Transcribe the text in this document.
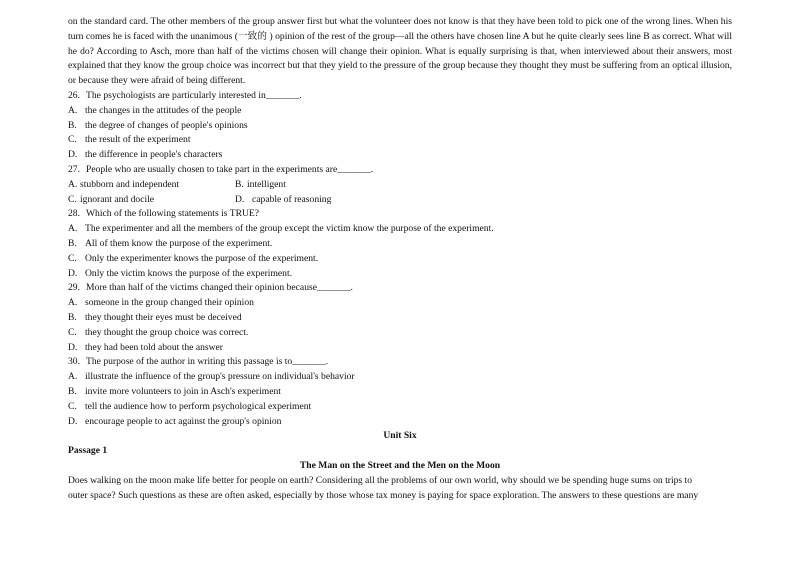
on the standard card. The other members of the group answer first but what the volunteer does not know is that they have been told to pick one of the wrong lines. When his turn comes he is faced with the unanimous (一致的 ) opinion of the rest of the group—all the others have chosen line A but he quite clearly sees line B as correct. What will he do? According to Asch, more than half of the victims chosen will change their opinion. What is equally surprising is that, when interviewed about their answers, most explained that they know the group choice was incorrect but that they yield to the pressure of the group because they thought they must be suffering from an optical illusion, or because they were afraid of being different.

26. The psychologists are particularly interested in_______.

A. the changes in the attitudes of the people

B. the degree of changes of people's opinions

C. the result of the experiment

D. the difference in people's characters

27. People who are usually chosen to take part in the experiments are_______.

A. stubborn and independent	B. intelligent
C. ignorant and docile	D. capable of reasoning

28. Which of the following statements is TRUE?

A. The experimenter and all the members of the group except the victim know the purpose of the experiment.

B. All of them know the purpose of the experiment.

C. Only the experimenter knows the purpose of the experiment.

D. Only the victim knows the purpose of the experiment.

29. More than half of the victims changed their opinion because_______.

A. someone in the group changed their opinion

B. they thought their eyes must be deceived

C. they thought the group choice was correct.

D. they had been told about the answer

30. The purpose of the author in writing this passage is to_______.

A. illustrate the influence of the group's pressure on individual's behavior

B. invite more volunteers to join in Asch's experiment

C. tell the audience how to perform psychological experiment

D. encourage people to act against the group's opinion

Unit Six

Passage 1

The Man on the Street and the Men on the Moon

Does walking on the moon make life better for people on earth? Considering all the problems of our own world, why should we be spending huge sums on trips to

outer space? Such questions as these are often asked, especially by those whose tax money is paying for space exploration. The answers to these questions are many
